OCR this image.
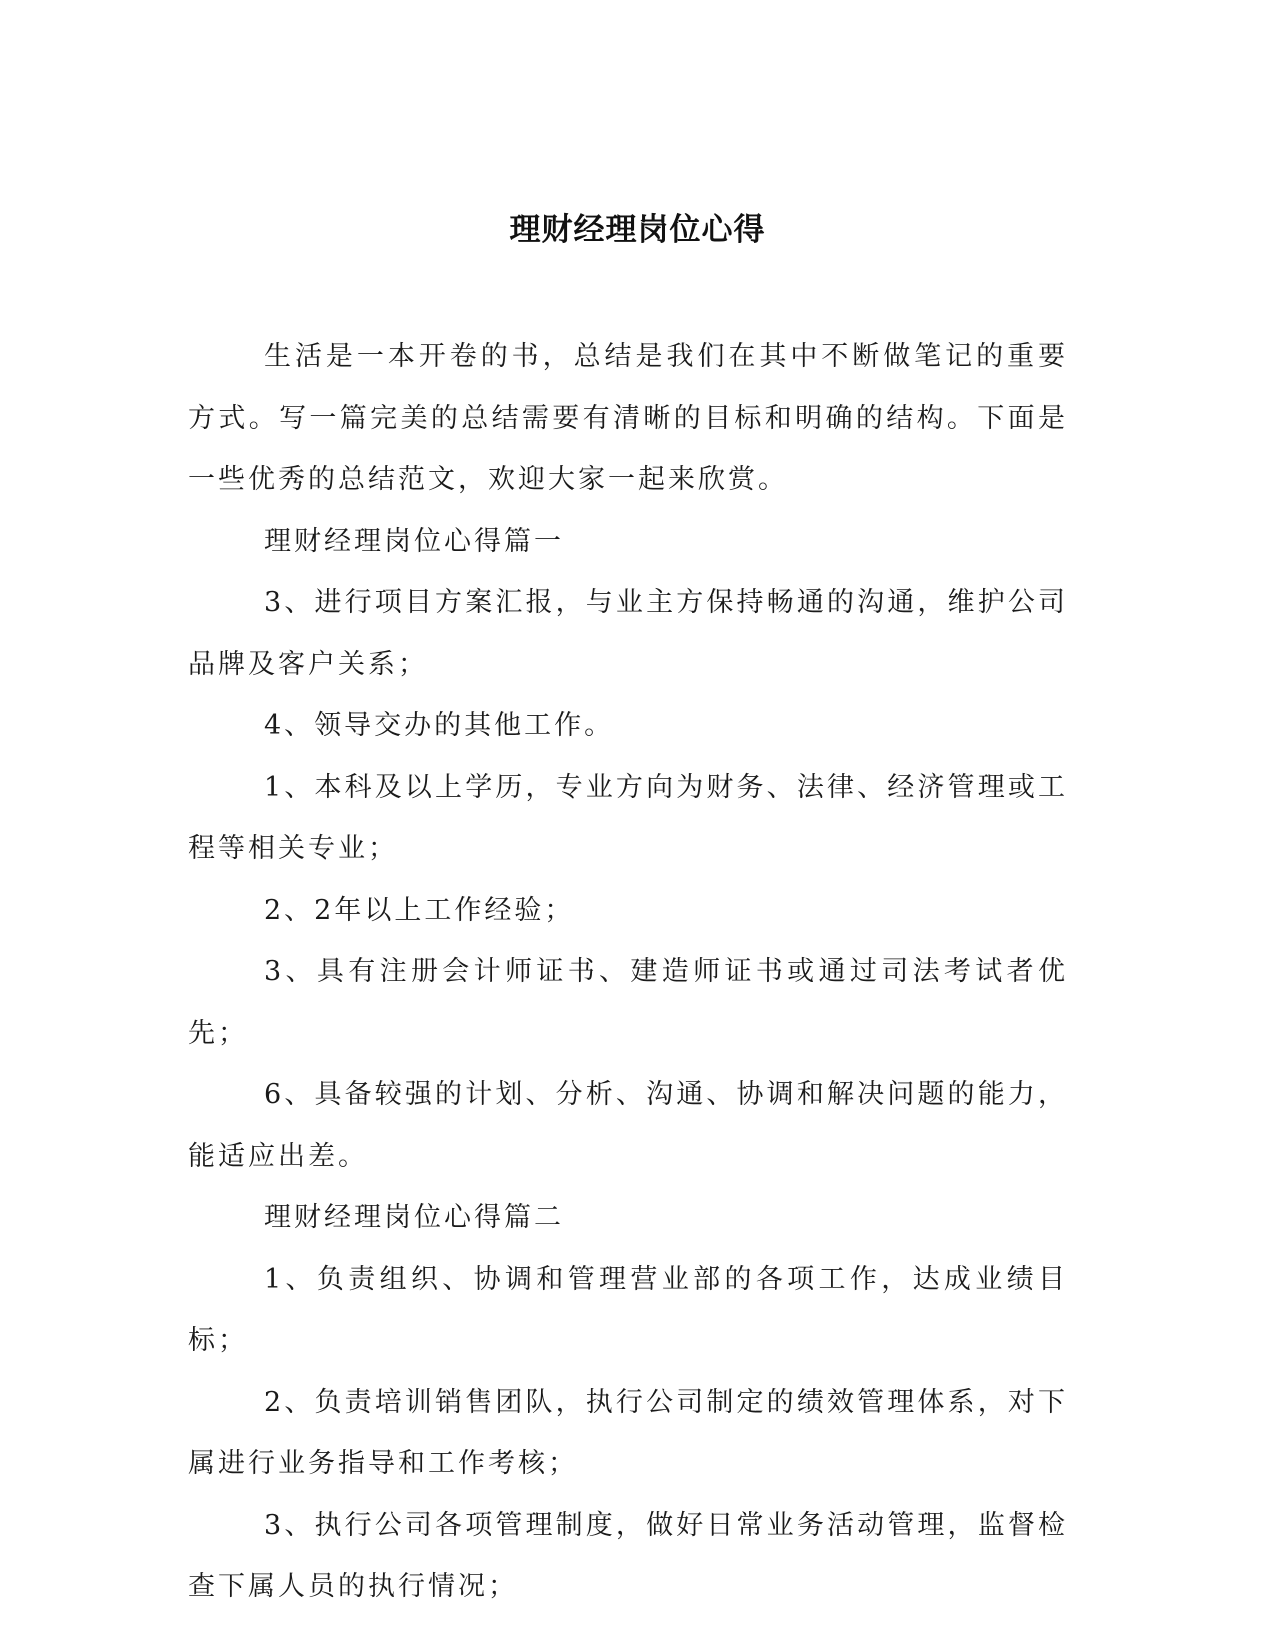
理财经理岗位心得

生活是一本开卷的书，总结是我们在其中不断做笔记的重要方式。写一篇完美的总结需要有清晰的目标和明确的结构。下面是一些优秀的总结范文，欢迎大家一起来欣赏。

理财经理岗位心得篇一

3、进行项目方案汇报，与业主方保持畅通的沟通，维护公司品牌及客户关系；

4、领导交办的其他工作。

1、本科及以上学历，专业方向为财务、法律、经济管理或工程等相关专业；

2、2年以上工作经验；

3、具有注册会计师证书、建造师证书或通过司法考试者优先；

6、具备较强的计划、分析、沟通、协调和解决问题的能力，能适应出差。

理财经理岗位心得篇二

1、负责组织、协调和管理营业部的各项工作，达成业绩目标；

2、负责培训销售团队，执行公司制定的绩效管理体系，对下属进行业务指导和工作考核；

3、执行公司各项管理制度，做好日常业务活动管理，监督检查下属人员的执行情况；
